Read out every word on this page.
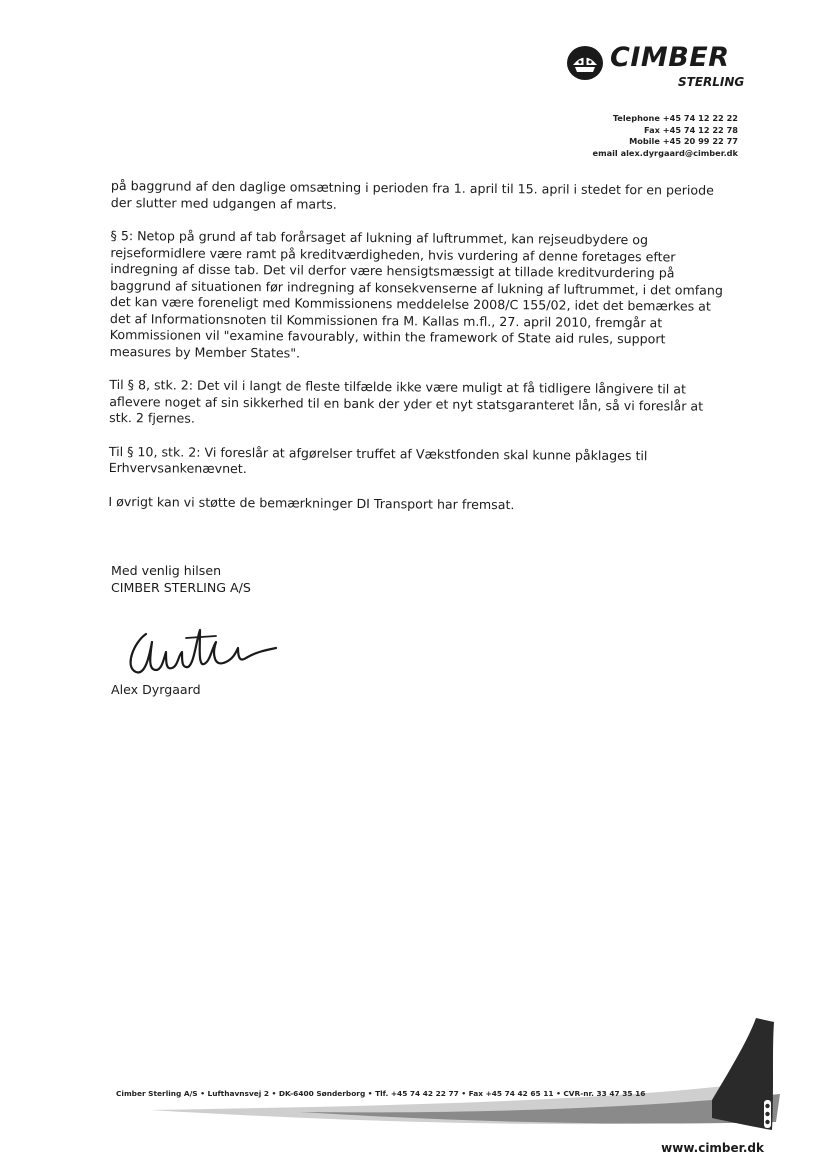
CIMBER
STERLING
Telephone +45 74 12 22 22
Fax +45 74 12 22 78
Mobile +45 20 99 22 77
email alex.dyrgaard@cimber.dk

på baggrund af den daglige omsætning i perioden fra 1. april til 15. april i stedet for en periode der slutter med udgangen af marts.

§ 5: Netop på grund af tab forårsaget af lukning af luftrummet, kan rejseudbydere og rejseformidlere være ramt på kreditværdigheden, hvis vurdering af denne foretages efter indregning af disse tab. Det vil derfor være hensigtsmæssigt at tillade kreditvurdering på baggrund af situationen før indregning af konsekvenserne af lukning af luftrummet, i det omfang det kan være foreneligt med Kommissionens meddelelse 2008/C 155/02, idet det bemærkes at det af Informationsnoten til Kommissionen fra M. Kallas m.fl., 27. april 2010, fremgår at Kommissionen vil "examine favourably, within the framework of State aid rules, support measures by Member States".

Til § 8, stk. 2: Det vil i langt de fleste tilfælde ikke være muligt at få tidligere långivere til at aflevere noget af sin sikkerhed til en bank der yder et nyt statsgaranteret lån, så vi foreslår at stk. 2 fjernes.

Til § 10, stk. 2: Vi foreslår at afgørelser truffet af Vækstfonden skal kunne påklages til Erhvervsankenævnet.

I øvrigt kan vi støtte de bemærkninger DI Transport har fremsat.

Med venlig hilsen
CIMBER STERLING A/S
Alex Dyrgaard
Cimber Sterling A/S • Lufthavnsvej 2 • DK-6400 Sønderborg • Tlf. +45 74 42 22 77 • Fax +45 74 42 65 11 • CVR-nr. 33 47 35 16
www.cimber.dk
